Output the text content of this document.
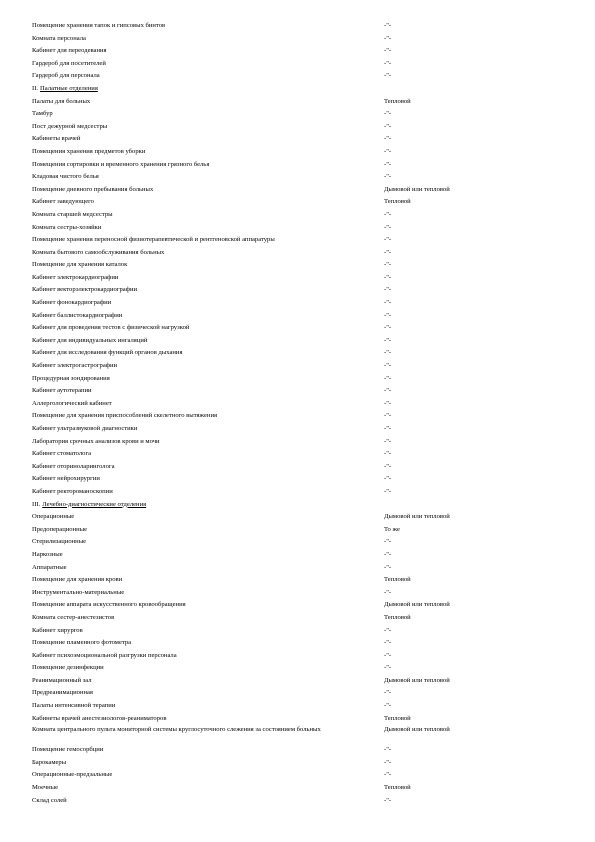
Помещение хранения тапок и гипсовых бинтов	-"-
Комната персонала	-"-
Кабинет для переодевания	-"-
Гардероб для посетителей	-"-
Гардероб для персонала	-"-
II. Палатные отделения
Палаты для больных	Тепловой
Тамбур	-"-
Пост дежурной медсестры	-"-
Кабинеты врачей	-"-
Помещения хранения предметов уборки	-"-
Помещения сортировки и временного хранения грязного белья	-"-
Кладовая чистого белья	-"-
Помещение дневного пребывания больных	Дымовой или тепловой
Кабинет заведующего	Тепловой
Комната старшей медсестры	-"-
Комната сестры-хозяйки	-"-
Помещение хранения переносной физиотерапевтической и рентгеновской аппаратуры	-"-
Комната бытового самообслуживания больных	-"-
Помещение для хранения каталок	-"-
Кабинет электрокардиографии	-"-
Кабинет векторэлектрокардиографии	-"-
Кабинет фонокардиографии	-"-
Кабинет баллистокардиографии	-"-
Кабинет для проведения тестов с физической нагрузкой	-"-
Кабинет для индивидуальных ингаляций	-"-
Кабинет для исследования функций органов дыхания	-"-
Кабинет электрогастрографии	-"-
Процедурная зондирования	-"-
Кабинет аутотерапии	-"-
Аллергологический кабинет	-"-
Помещение для хранения приспособлений скелетного вытяжения	-"-
Кабинет ультразвуковой диагностики	-"-
Лаборатория срочных анализов крови и мочи	-"-
Кабинет стоматолога	-"-
Кабинет оториноларинголога	-"-
Кабинет нейрохирургии	-"-
Кабинет ректороманоскопии	-"-
III. Лечебно-диагностические отделения
Операционные	Дымовой или тепловой
Предоперационные	То же
Стерилизационные	-"-
Наркозные	-"-
Аппаратные	-"-
Помещение для хранения крови	Тепловой
Инструментально-материальные	-"-
Помещение аппарата искусственного кровообращения	Дымовой или тепловой
Комната сестер-анестезистов	Тепловой
Кабинет хирургов	-"-
Помещение пламенного фотометра	-"-
Кабинет психоэмоциональной разгрузки персонала	-"-
Помещение дезинфекции	-"-
Реанимационный зал	Дымовой или тепловой
Предреанимационная	-"-
Палаты интенсивной терапии	-"-
Кабинеты врачей анестезиологов-реаниматоров	Тепловой
Комната центрального пульта мониторной системы круглосуточного слежения за состоянием больных	Дымовой или тепловой
Помещение гемосорбции	-"-
Барокамеры	-"-
Операционные-предзальные	-"-
Моечные	Тепловой
Склад солей	-"-
